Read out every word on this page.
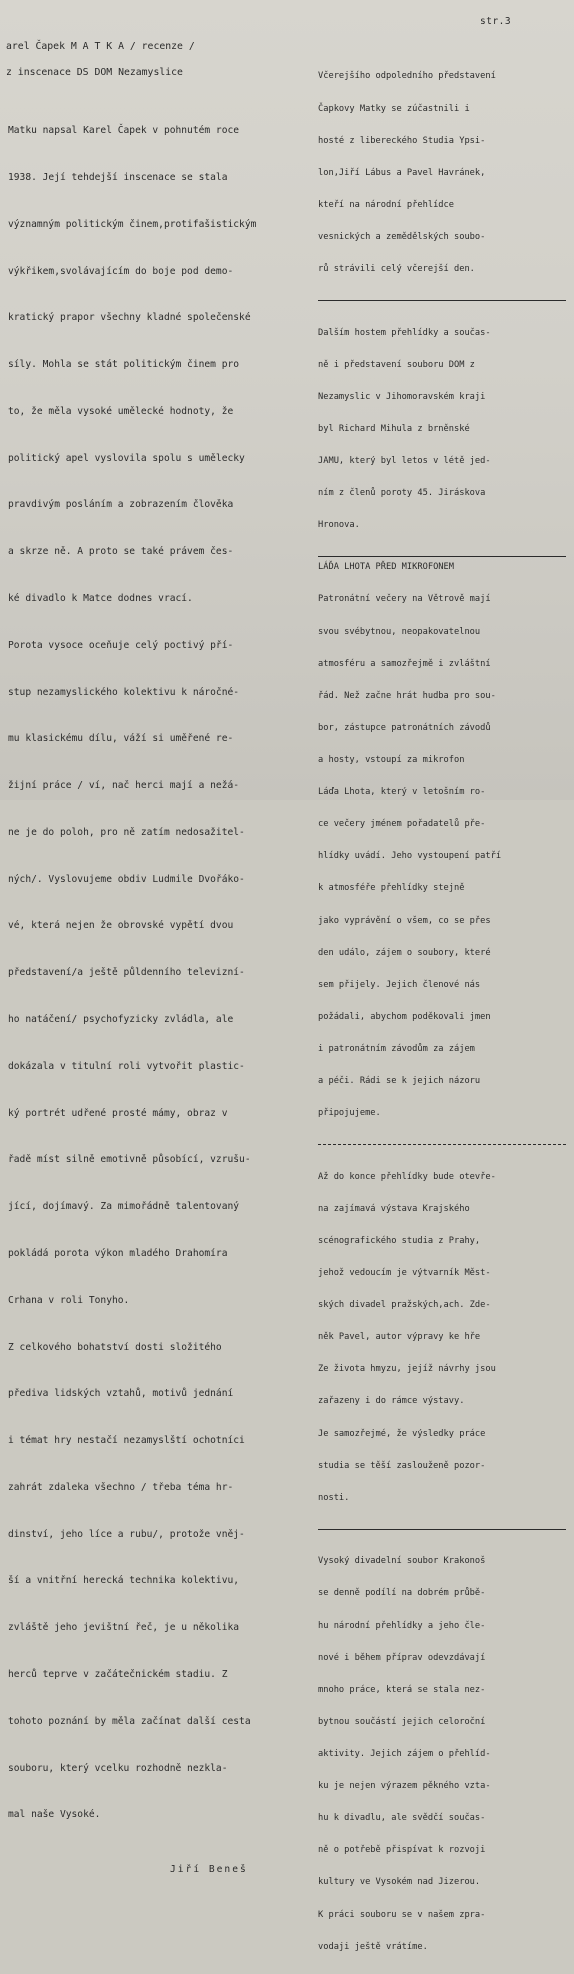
str.3
arel Čapek M A T K A / recenze /
z inscenace DS DOM Nezamyslice

Matku napsal Karel Čapek v pohnutém roce

1938. Její tehdejší inscenace se stala

významným politickým činem,protifašistickým

výkřikem,svolávajícím do boje pod demo-

kratický prapor všechny kladné společenské

síly. Mohla se stát politickým činem pro

to, že měla vysoké umělecké hodnoty, že

politický apel vyslovila spolu s umělecky

pravdivým posláním a zobrazením člověka

a skrze ně. A proto se také právem čes-

ké divadlo k Matce dodnes vrací.

Porota vysoce oceňuje celý poctivý pří-

stup nezamyslického kolektivu k náročné-

mu klasickému dílu, váží si uměřené re-

žijní práce / ví, nač herci mají a nežá-

ne je do poloh, pro ně zatím nedosažitel-

ných/. Vyslovujeme obdiv Ludmile Dvořáko-

vé, která nejen že obrovské vypětí dvou

představení/a ještě půldenního televizní-

ho natáčení/ psychofyzicky zvládla, ale

dokázala v titulní roli vytvořit plastic-

ký portrét udřené prosté mámy, obraz v

řadě míst silně emotivně působící, vzrušu-

jící, dojímavý. Za mimořádně talentovaný

pokládá porota výkon mladého Drahomíra

Crhana v roli Tonyho.

Z celkového bohatství dosti složitého

předivа lidských vztahů, motivů jednání

i témat hry nestačí nezamyslští ochotníci

zahrát zdaleka všechno / třeba téma hr-

dinství, jeho líce a rubu/, protože vněj-

ší a vnitřní herecká technika kolektivu,

zvláště jeho jevištní řeč, je u několika

herců teprve v začátečnickém stadiu. Z

tohoto poznání by měla začínat další cesta

souboru, který vcelku rozhodně nezkla-

mal naše Vysoké.

Jiří Beneš

Včerejšího odpoledního představení

Čapkovy Matky se zúčastnili i

hosté z libereckého Studia Ypsi-

lon,Jiří Lábus a Pavel Havránek,

kteří na národní přehlídce

vesnických a zemědělských soubo-

rů strávili celý včerejší den.

Dalším hostem přehlídky a součas-

ně i představení souboru DOM z

Nezamyslic v Jihomoravském kraji

byl Richard Mihula z brněnské

JAMU, který byl letos v létě jed-

ním z členů poroty 45. Jiráskova

Hronova.

LÁĎA LHOTA PŘED MIKROFONEM

Patronátní večery na Větrově mají

svou svébytnou, neopakovatelnou

atmosféru a samozřejmě i zvláštní

řád. Než začne hrát hudba pro sou-

bor, zástupce patronátních závodů

a hosty, vstoupí za mikrofon

Láďa Lhota, který v letošním ro-

ce večery jménem pořadatelů pře-

hlídky uvádí. Jeho vystoupení patří

k atmosféře přehlídky stejně

jako vyprávění o všem, co se přes

den událo, zájem o soubory, které

sem přijely. Jejich členové nás

požádali, abychom poděkovali jmen

i patronátním závodům za zájem

a péči. Rádi se k jejich názoru

připojujeme.

Až do konce přehlídky bude otevře-

na zajímavá výstava Krajského

scénografického studia z Prahy,

jehož vedoucím je výtvarník Měst-

ských divadel pražských,ach. Zde-

něk Pavel, autor výpravy ke hře

Ze života hmyzu, jejíž návrhy jsou

zařazeny i do rámce výstavy.

Je samozřejmé, že výsledky práce

studia se těší zaslouženě pozor-

nosti.

Vysoký divadelní soubor Krakonoš

se denně podílí na dobrém průbě-

hu národní přehlídky a jeho čle-

nové i během příprav odevzdávají

mnoho práce, která se stala nez-

bytnou součástí jejich celoroční

aktivity. Jejich zájem o přehlíd-

ku je nejen výrazem pěkného vzta-

hu k divadlu, ale svědčí součas-

ně o potřebě přispívat k rozvoji

kultury ve Vysokém nad Jizerou.

K práci souboru se v našem zpra-

vodaji ještě vrátíme.
